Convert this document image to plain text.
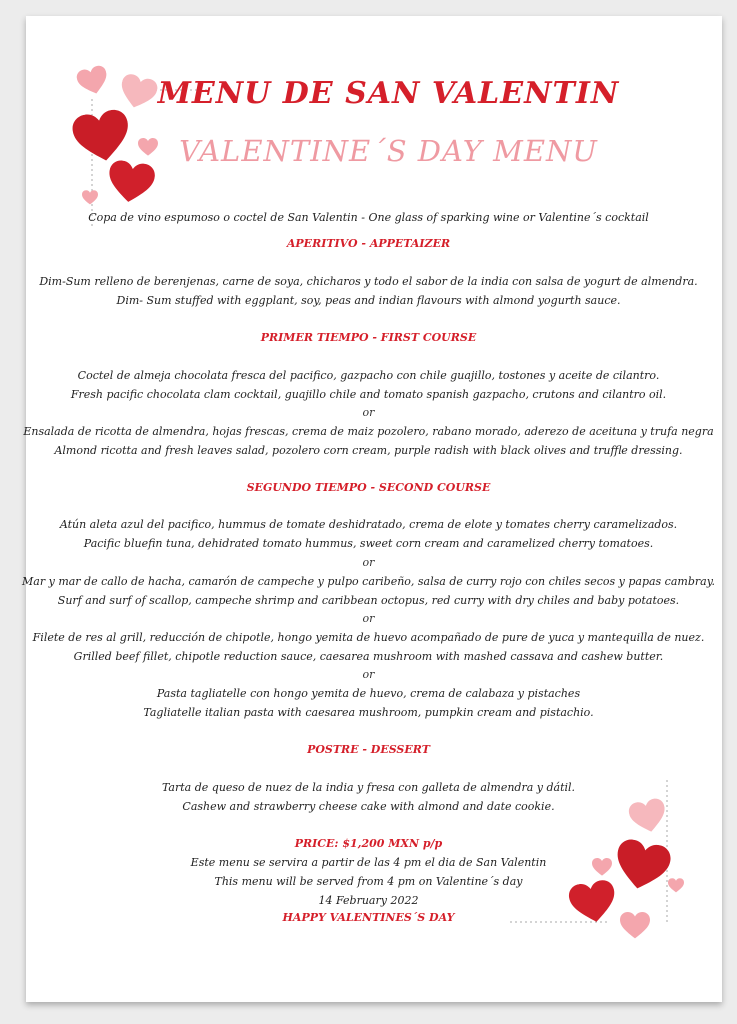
MENU DE SAN VALENTIN
VALENTINE´S DAY MENU
Copa de vino espumoso o coctel de San Valentin - One glass of sparking wine or Valentine´s cocktail
APERITIVO - APPETAIZER
Dim-Sum relleno de berenjenas, carne de soya, chicharos y todo el sabor de la india con salsa de yogurt de almendra.
Dim- Sum stuffed with eggplant, soy, peas and indian flavours with almond yogurth sauce.
PRIMER TIEMPO - FIRST COURSE
Coctel de almeja chocolata fresca del pacifico, gazpacho con chile guajillo, tostones y aceite de cilantro.
Fresh pacific chocolata clam cocktail, guajillo chile and tomato spanish gazpacho, crutons and cilantro oil.
or
Ensalada de ricotta de almendra, hojas frescas, crema de maiz pozolero, rabano morado, aderezo de aceituna y trufa negra
Almond ricotta and fresh leaves salad, pozolero corn cream, purple radish with black olives and truffle dressing.
SEGUNDO TIEMPO - SECOND COURSE
Atún aleta azul del pacifico, hummus de tomate deshidratado, crema de elote y tomates cherry caramelizados.
Pacific bluefin tuna, dehidrated tomato hummus, sweet corn cream and caramelized cherry tomatoes.
or
Mar y mar de callo de hacha, camarón de campeche y pulpo caribeño, salsa de curry rojo con chiles secos y papas cambray.
Surf and surf of scallop, campeche shrimp and caribbean octopus, red curry with dry chiles and baby potatoes.
or
Filete de res al grill, reducción de chipotle, hongo yemita de huevo acompañado de pure de yuca y mantequilla de nuez.
Grilled beef fillet, chipotle reduction sauce, caesarea mushroom with mashed cassava and cashew butter.
or
Pasta tagliatelle con hongo yemita de huevo, crema de calabaza y pistaches
Tagliatelle italian pasta with caesarea mushroom, pumpkin cream and pistachio.
POSTRE - DESSERT
Tarta de queso de nuez de la india y fresa con galleta de almendra y dátil.
Cashew and strawberry cheese cake with almond and date cookie.
PRICE: $1,200 MXN p/p
Este menu se servira a partir de las 4 pm el dia de San Valentin
This menu will be served from 4 pm on Valentine´s day
14 February 2022
HAPPY VALENTINES´S DAY
